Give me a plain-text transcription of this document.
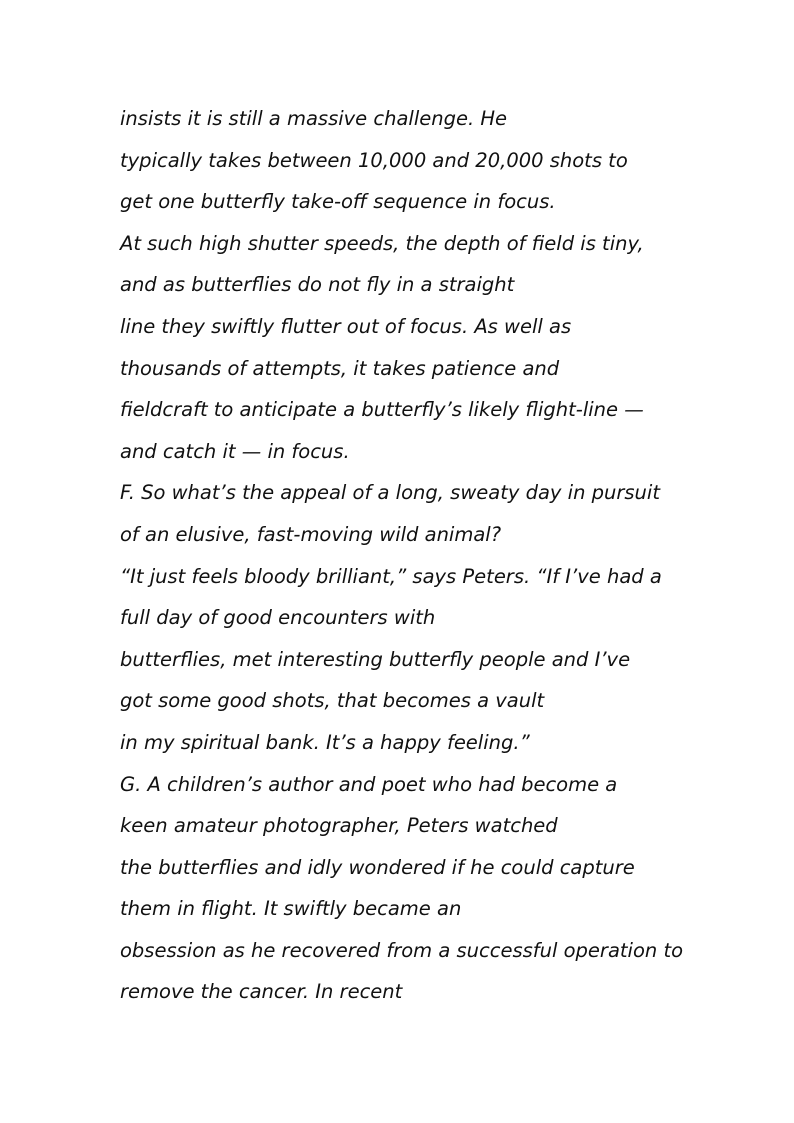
insists it is still a massive challenge. He
typically takes between 10,000 and 20,000 shots to
get one butterfly take-off sequence in focus.
At such high shutter speeds, the depth of field is tiny,
and as butterflies do not fly in a straight
line they swiftly flutter out of focus. As well as
thousands of attempts, it takes patience and
fieldcraft to anticipate a butterfly’s likely flight-line —
and catch it — in focus.
F. So what’s the appeal of a long, sweaty day in pursuit
of an elusive, fast-moving wild animal?
“It just feels bloody brilliant,” says Peters. “If I’ve had a
full day of good encounters with
butterflies, met interesting butterfly people and I’ve
got some good shots, that becomes a vault
in my spiritual bank. It’s a happy feeling.”
G. A children’s author and poet who had become a
keen amateur photographer, Peters watched
the butterflies and idly wondered if he could capture
them in flight. It swiftly became an
obsession as he recovered from a successful operation to
remove the cancer. In recent
